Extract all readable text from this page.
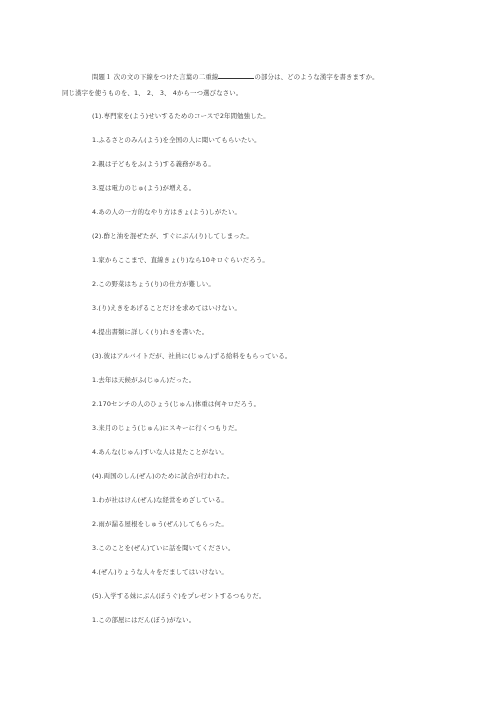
問題１ 次の文の下線をつけた言葉の二重線	の部分は、どのような漢字を書きますか。
同じ漢字を使うものを、1、 2、 3、 4から一つ選びなさい。
(1).専門家を(よう)せいするためのコースで2年間勉強した。
1.ふるさとのみん(よう)を全国の人に聞いてもらいたい。
2.親は子どもをふ(よう)する義務がある。
3.夏は電力のじゅ(よう)が増える。
4.あの人の一方的なやり方はきょ(よう)しがたい。
(2).酢と油を混ぜたが、すぐにぶん(り)してしまった。
1.家からここまで、直線きょ(り)なら10キロぐらいだろう。
2.この野菜はちょう(り)の仕方が難しい。
3.(り)えきをあげることだけを求めてはいけない。
4.提出書類に詳しく(り)れきを書いた。
(3).彼はアルバイトだが、社員に(じゅん)ずる給料をもらっている。
1.去年は天候がふ(じゅん)だった。
2.170センチの人のひょう(じゅん)体重は何キロだろう。
3.来月のじょう(じゅん)にスキーに行くつもりだ。
4.あんな(じゅん)すいな人は見たことがない。
(4).両国のしん(ぜん)のために試合が行われた。
1.わが社はけん(ぜん)な経営をめざしている。
2.雨が漏る屋根をしゅう(ぜん)してもらった。
3.このことを(ぜん)ていに話を聞いてください。
4.(ぜん)りょうな人々をだましてはいけない。
(5).入学する妹にぶん(ぼうぐ)をプレゼントするつもりだ。
1.この部屋にはだん(ぼう)がない。
